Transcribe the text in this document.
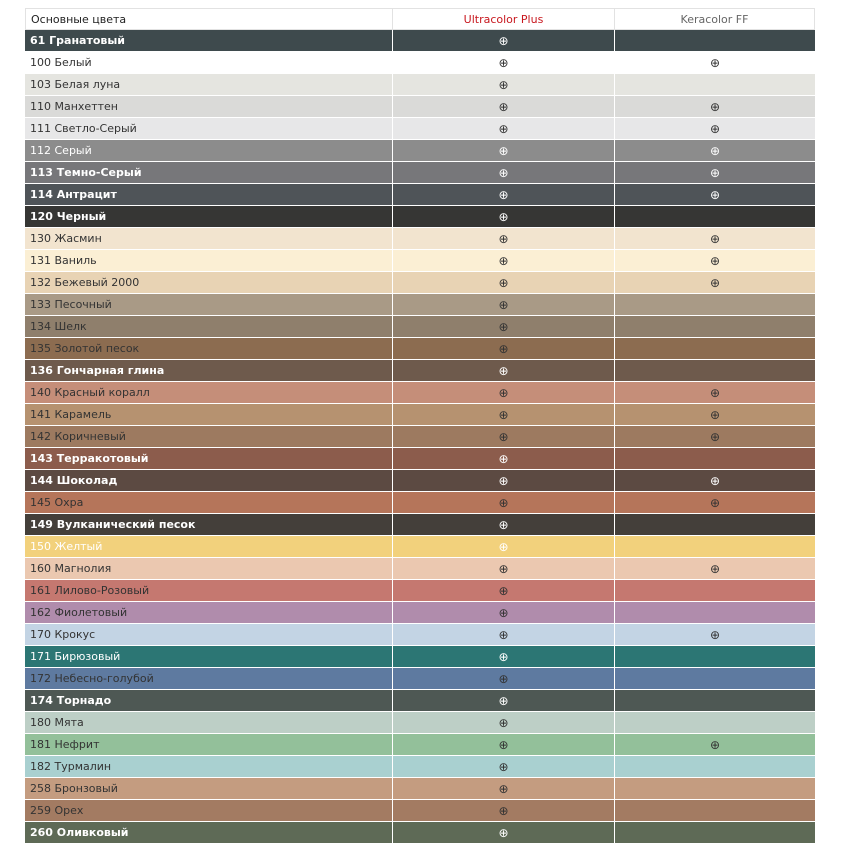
Основные цвета	Ultracolor Plus	Keracolor FF
61 Гранатовый	⊕
100 Белый	⊕	⊕
103 Белая луна	⊕
110 Манхеттен	⊕	⊕
111 Светло-Серый	⊕	⊕
112 Серый	⊕	⊕
113 Темно-Серый	⊕	⊕
114 Антрацит	⊕	⊕
120 Черный	⊕
130 Жасмин	⊕	⊕
131 Ваниль	⊕	⊕
132 Бежевый 2000	⊕	⊕
133 Песочный	⊕
134 Шелк	⊕
135 Золотой песок	⊕
136 Гончарная глина	⊕
140 Красный коралл	⊕	⊕
141 Карамель	⊕	⊕
142 Коричневый	⊕	⊕
143 Терракотовый	⊕
144 Шоколад	⊕	⊕
145 Охра	⊕	⊕
149 Вулканический песок	⊕
150 Желтый	⊕
160 Магнолия	⊕	⊕
161 Лилово-Розовый	⊕
162 Фиолетовый	⊕
170 Крокус	⊕	⊕
171 Бирюзовый	⊕
172 Небесно-голубой	⊕
174 Торнадо	⊕
180 Мята	⊕
181 Нефрит	⊕	⊕
182 Турмалин	⊕
258 Бронзовый	⊕
259 Орех	⊕
260 Оливковый	⊕
